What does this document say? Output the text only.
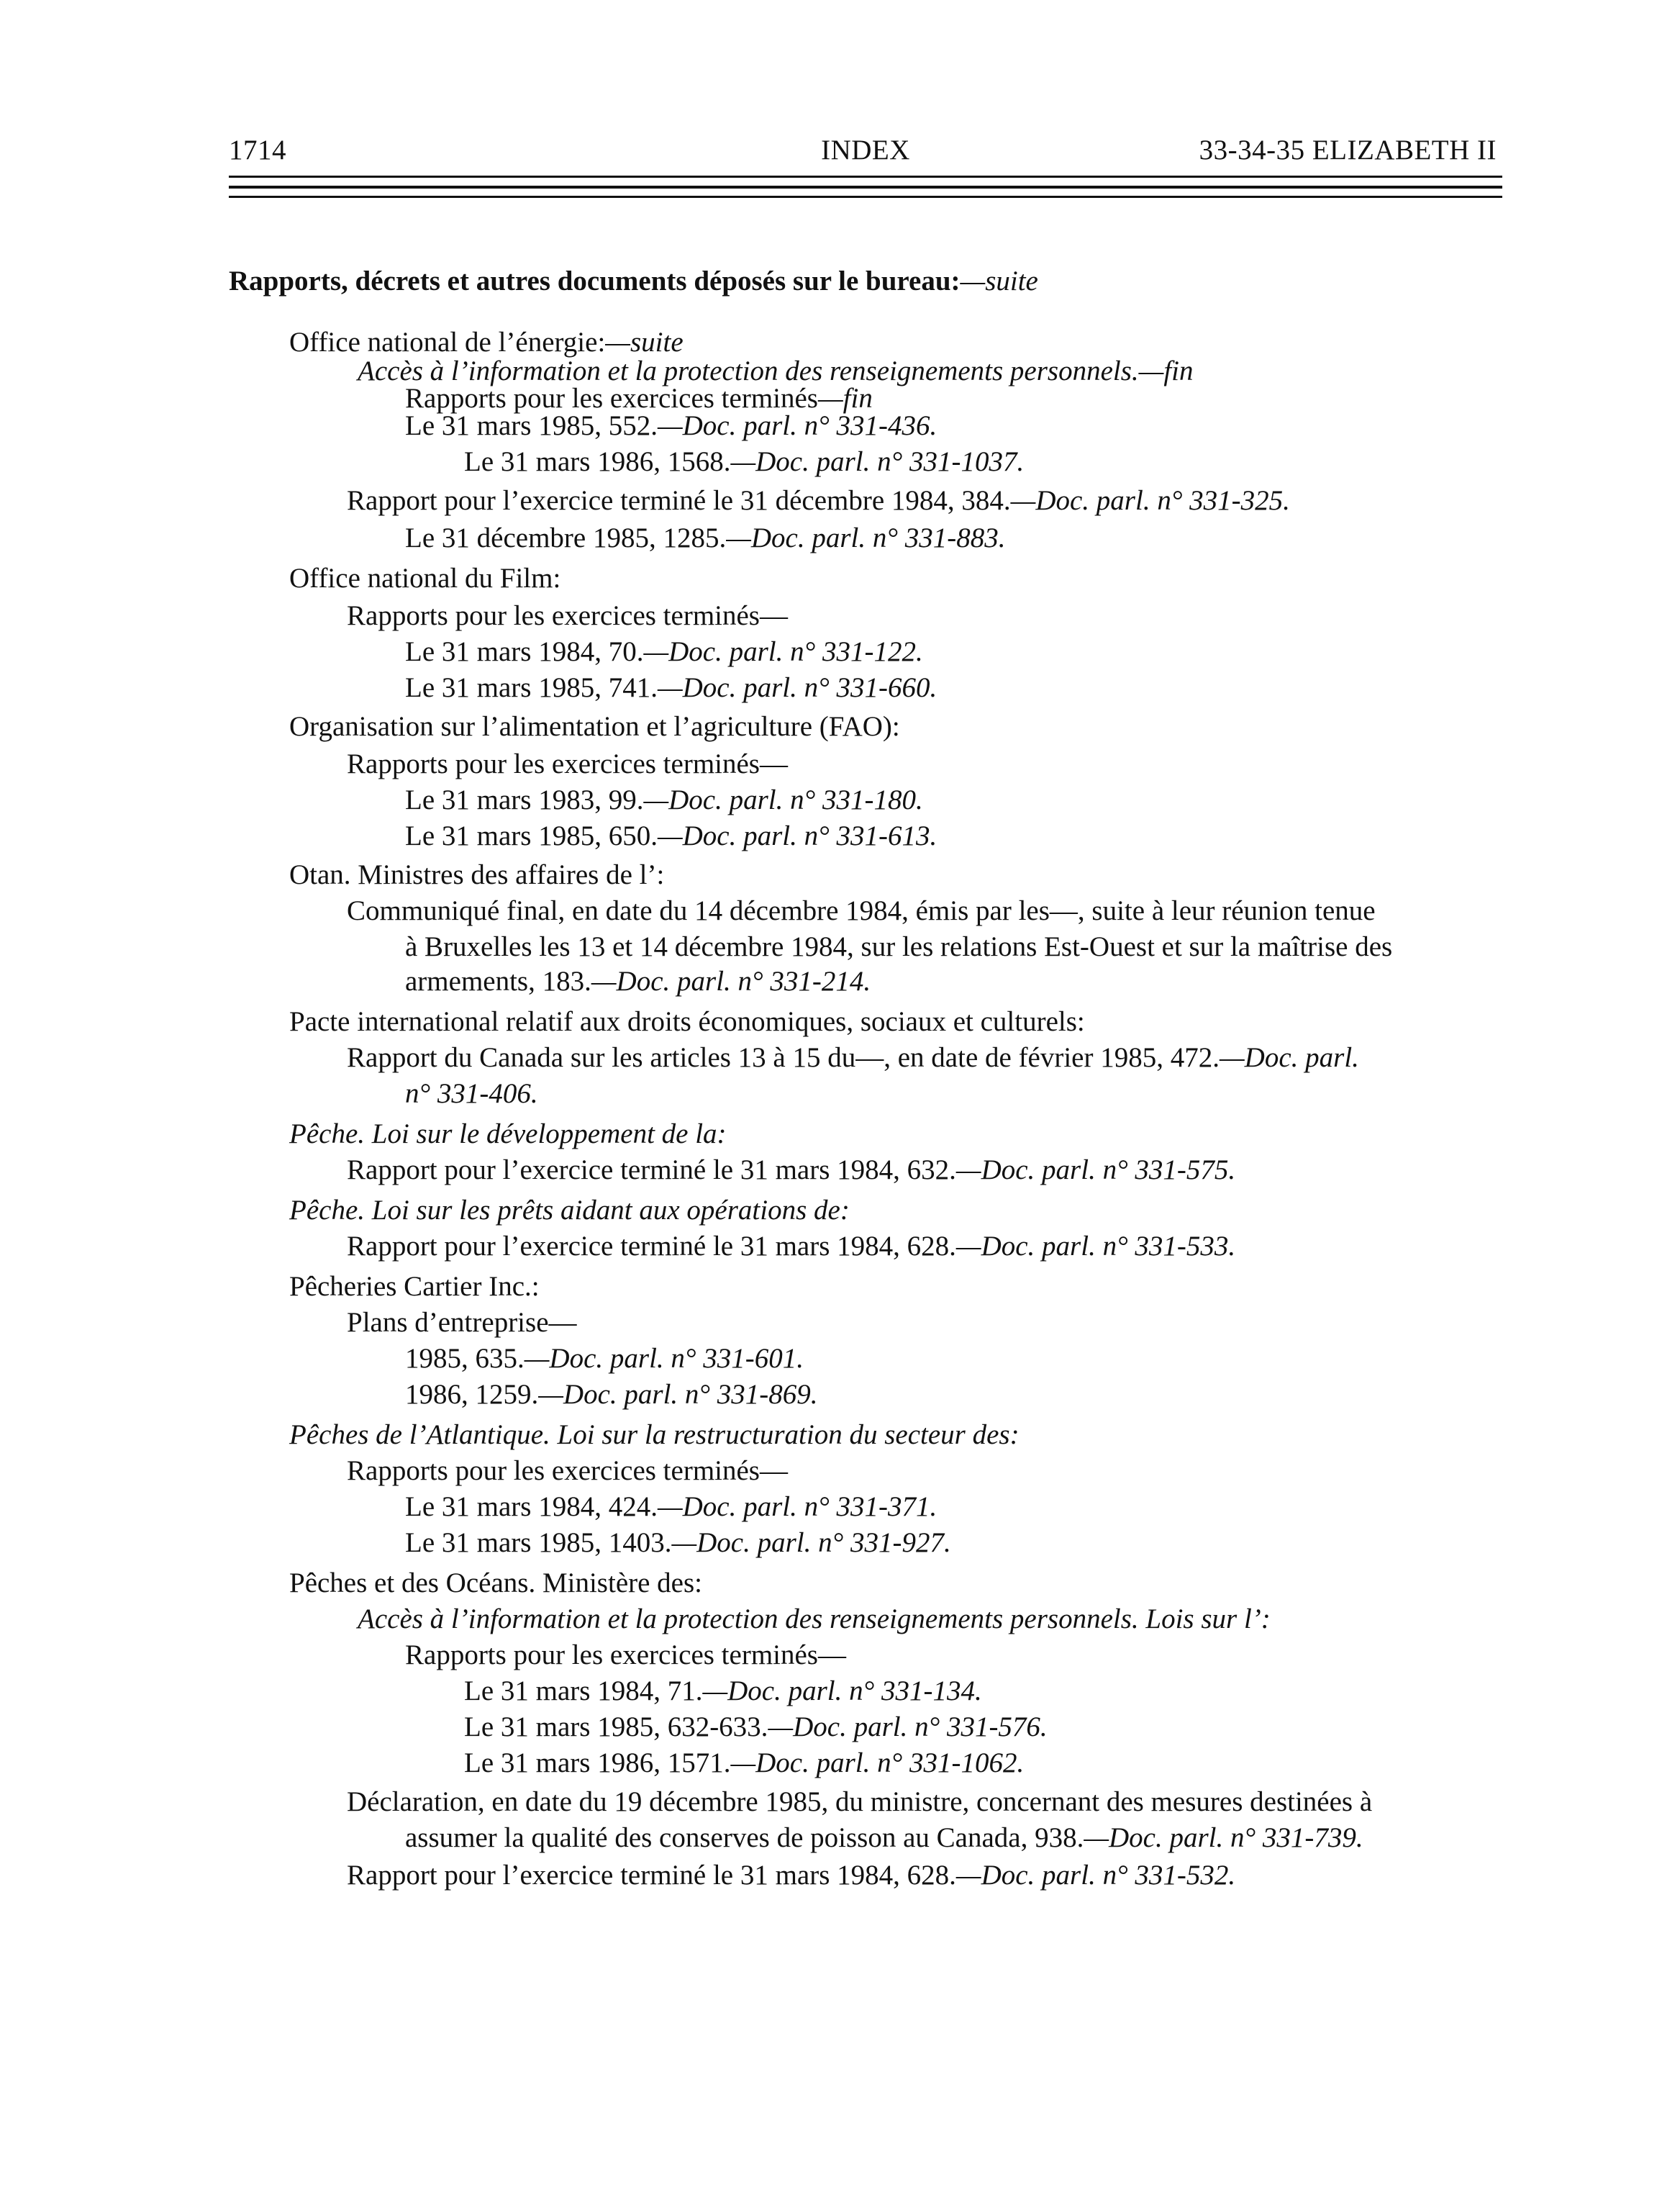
1714	INDEX	33-34-35 ELIZABETH II
Rapports, décrets et autres documents déposés sur le bureau:—suite
Office national de l’énergie:—suite
Accès à l’information et la protection des renseignements personnels.—fin
Rapports pour les exercices terminés—fin
Le 31 mars 1985, 552.—Doc. parl. n° 331-436.
Le 31 mars 1986, 1568.—Doc. parl. n° 331-1037.
Rapport pour l’exercice terminé le 31 décembre 1984, 384.—Doc. parl. n° 331-325.
Le 31 décembre 1985, 1285.—Doc. parl. n° 331-883.
Office national du Film:
Rapports pour les exercices terminés—
Le 31 mars 1984, 70.—Doc. parl. n° 331-122.
Le 31 mars 1985, 741.—Doc. parl. n° 331-660.
Organisation sur l’alimentation et l’agriculture (FAO):
Rapports pour les exercices terminés—
Le 31 mars 1983, 99.—Doc. parl. n° 331-180.
Le 31 mars 1985, 650.—Doc. parl. n° 331-613.
Otan. Ministres des affaires de l’:
Communiqué final, en date du 14 décembre 1984, émis par les—, suite à leur réunion tenue
à Bruxelles les 13 et 14 décembre 1984, sur les relations Est-Ouest et sur la maîtrise des
armements, 183.—Doc. parl. n° 331-214.
Pacte international relatif aux droits économiques, sociaux et culturels:
Rapport du Canada sur les articles 13 à 15 du—, en date de février 1985, 472.—Doc. parl.
n° 331-406.
Pêche. Loi sur le développement de la:
Rapport pour l’exercice terminé le 31 mars 1984, 632.—Doc. parl. n° 331-575.
Pêche. Loi sur les prêts aidant aux opérations de:
Rapport pour l’exercice terminé le 31 mars 1984, 628.—Doc. parl. n° 331-533.
Pêcheries Cartier Inc.:
Plans d’entreprise—
1985, 635.—Doc. parl. n° 331-601.
1986, 1259.—Doc. parl. n° 331-869.
Pêches de l’Atlantique. Loi sur la restructuration du secteur des:
Rapports pour les exercices terminés—
Le 31 mars 1984, 424.—Doc. parl. n° 331-371.
Le 31 mars 1985, 1403.—Doc. parl. n° 331-927.
Pêches et des Océans. Ministère des:
Accès à l’information et la protection des renseignements personnels. Lois sur l’:
Rapports pour les exercices terminés—
Le 31 mars 1984, 71.—Doc. parl. n° 331-134.
Le 31 mars 1985, 632-633.—Doc. parl. n° 331-576.
Le 31 mars 1986, 1571.—Doc. parl. n° 331-1062.
Déclaration, en date du 19 décembre 1985, du ministre, concernant des mesures destinées à
assumer la qualité des conserves de poisson au Canada, 938.—Doc. parl. n° 331-739.
Rapport pour l’exercice terminé le 31 mars 1984, 628.—Doc. parl. n° 331-532.
